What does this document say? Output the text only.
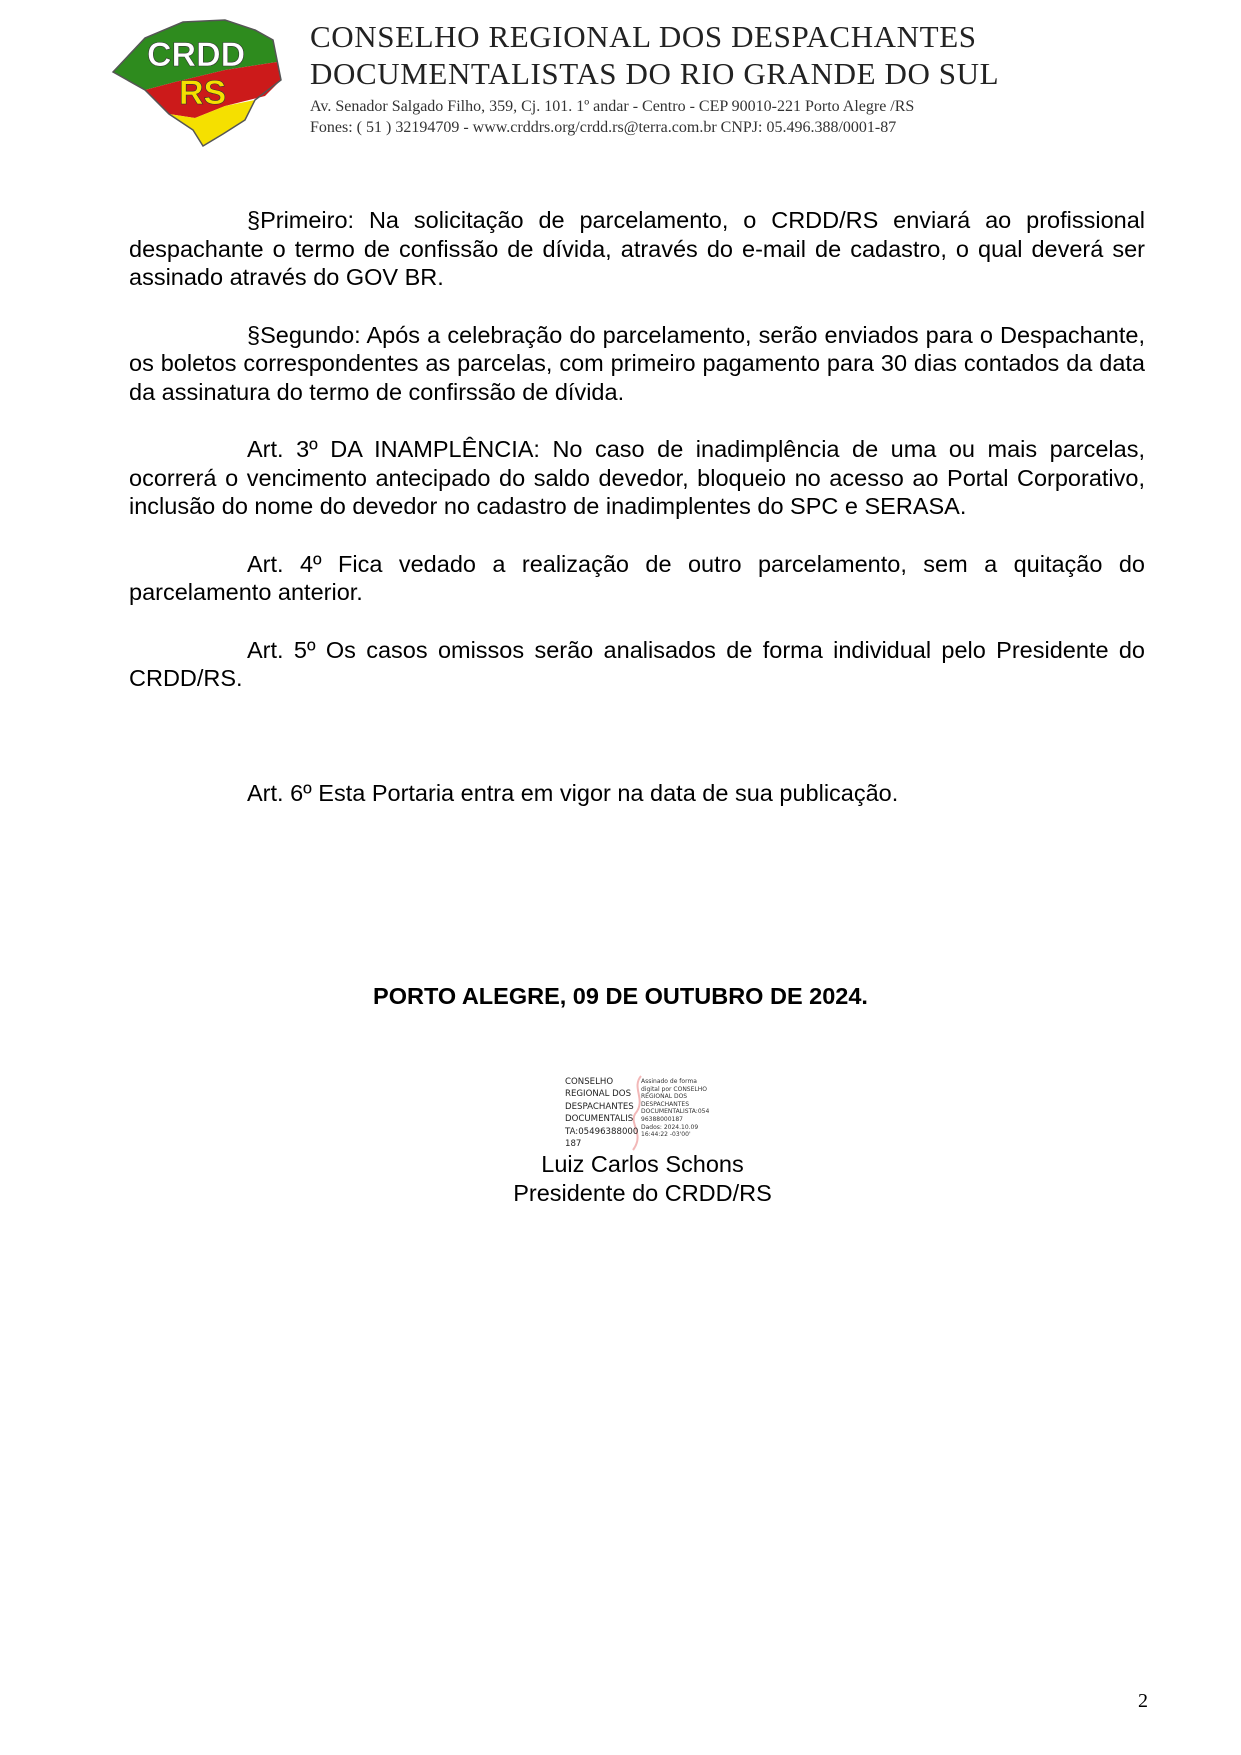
CRDD
RS
CONSELHO REGIONAL DOS DESPACHANTES
DOCUMENTALISTAS DO RIO GRANDE DO SUL
Av. Senador Salgado Filho, 359, Cj. 101. 1º andar - Centro - CEP 90010-221 Porto Alegre /RS
Fones: ( 51 ) 32194709 - www.crddrs.org/crdd.rs@terra.com.br CNPJ: 05.496.388/0001-87

§Primeiro: Na solicitação de parcelamento, o CRDD/RS enviará ao profissional despachante o termo de confissão de dívida, através do e-mail de cadastro, o qual deverá ser assinado através do GOV BR.

§Segundo: Após a celebração do parcelamento, serão enviados para o Despachante, os boletos correspondentes as parcelas, com primeiro pagamento para 30 dias contados da data da assinatura do termo de confirssão de dívida.

Art. 3º DA INAMPLÊNCIA: No caso de inadimplência de uma ou mais parcelas, ocorrerá o vencimento antecipado do saldo devedor, bloqueio no acesso ao Portal Corporativo, inclusão do nome do devedor no cadastro de inadimplentes do SPC e SERASA.

Art. 4º Fica vedado a realização de outro parcelamento, sem a quitação do parcelamento anterior.

Art. 5º Os casos omissos serão analisados de forma individual pelo Presidente do CRDD/RS.

Art. 6º Esta Portaria entra em vigor na data de sua publicação.

PORTO ALEGRE, 09 DE OUTUBRO DE 2024.
CONSELHO
REGIONAL DOS
DESPACHANTES
DOCUMENTALIS
TA:05496388000
187
Assinado de forma
digital por CONSELHO
REGIONAL DOS
DESPACHANTES
DOCUMENTALISTA:054
96388000187
Dados: 2024.10.09
16:44:22 -03'00'
Luiz Carlos Schons
Presidente do CRDD/RS
2
